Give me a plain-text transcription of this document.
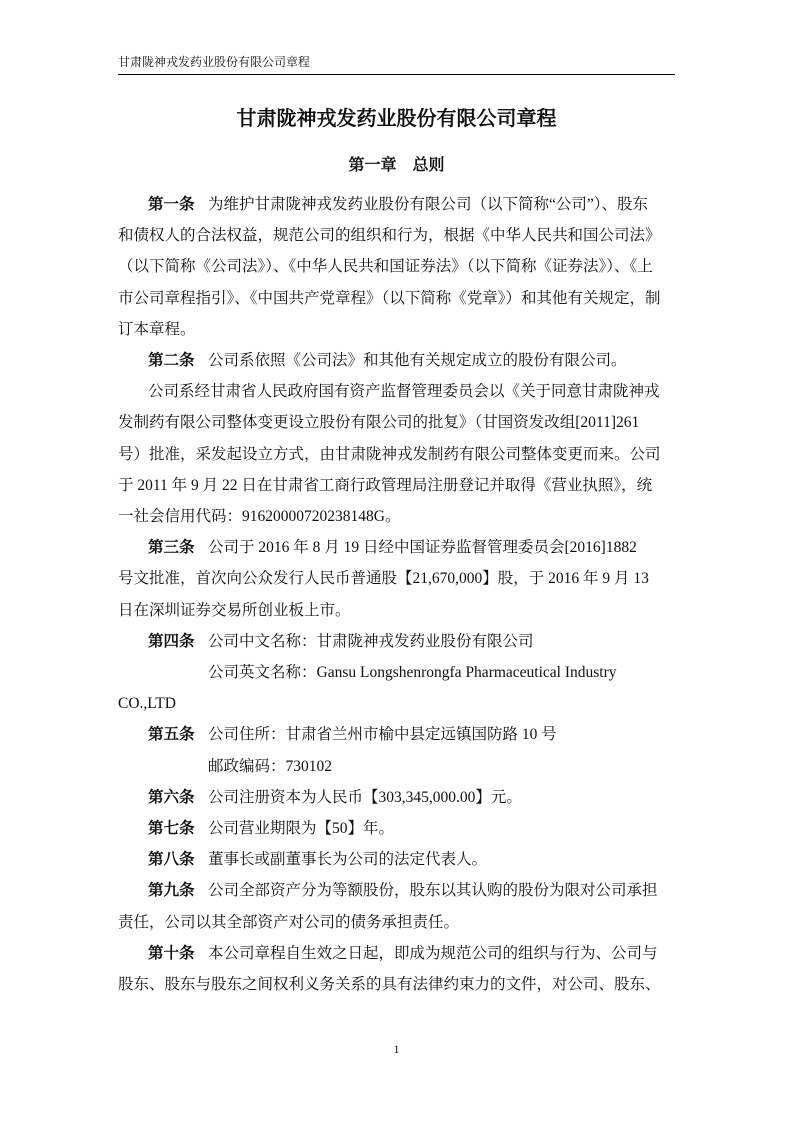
甘肃陇神戎发药业股份有限公司章程
甘肃陇神戎发药业股份有限公司章程
第一章　总则
第一条 为维护甘肃陇神戎发药业股份有限公司（以下简称“公司”）、股东
和债权人的合法权益，规范公司的组织和行为，根据《中华人民共和国公司法》
（以下简称《公司法》）、《中华人民共和国证券法》（以下简称《证券法》）、《上
市公司章程指引》、《中国共产党章程》（以下简称《党章》）和其他有关规定，制
订本章程。
第二条 公司系依照《公司法》和其他有关规定成立的股份有限公司。
公司系经甘肃省人民政府国有资产监督管理委员会以《关于同意甘肃陇神戎
发制药有限公司整体变更设立股份有限公司的批复》（甘国资发改组[2011]261
号）批准，采发起设立方式，由甘肃陇神戎发制药有限公司整体变更而来。公司
于 2011 年 9 月 22 日在甘肃省工商行政管理局注册登记并取得《营业执照》，统
一社会信用代码：91620000720238148G。
第三条 公司于 2016 年 8 月 19 日经中国证券监督管理委员会[2016]1882
号文批准，首次向公众发行人民币普通股【21,670,000】股，于 2016 年 9 月 13
日在深圳证券交易所创业板上市。
第四条 公司中文名称：甘肃陇神戎发药业股份有限公司
公司英文名称：Gansu Longshenrongfa Pharmaceutical Industry
CO.,LTD
第五条 公司住所：甘肃省兰州市榆中县定远镇国防路 10 号
邮政编码：730102
第六条 公司注册资本为人民币【303,345,000.00】元。
第七条 公司营业期限为【50】年。
第八条 董事长或副董事长为公司的法定代表人。
第九条 公司全部资产分为等额股份，股东以其认购的股份为限对公司承担
责任，公司以其全部资产对公司的债务承担责任。
第十条 本公司章程自生效之日起，即成为规范公司的组织与行为、公司与
股东、股东与股东之间权利义务关系的具有法律约束力的文件，对公司、股东、
1
